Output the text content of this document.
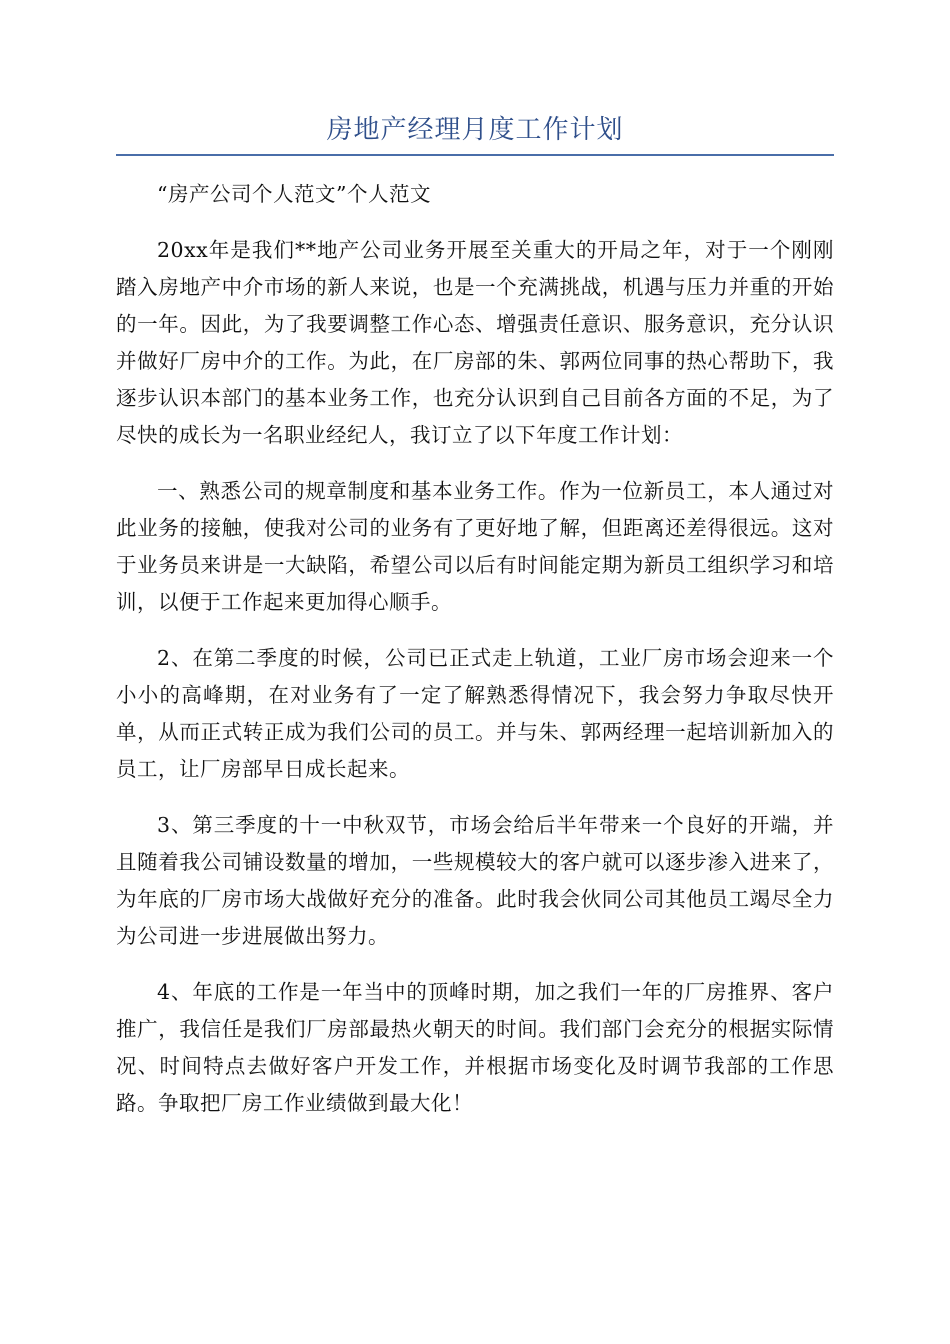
房地产经理月度工作计划

“房产公司个人范文”个人范文

20xx年是我们**地产公司业务开展至关重大的开局之年，对于一个刚刚踏入房地产中介市场的新人来说，也是一个充满挑战，机遇与压力并重的开始的一年。因此，为了我要调整工作心态、增强责任意识、服务意识，充分认识并做好厂房中介的工作。为此，在厂房部的朱、郭两位同事的热心帮助下，我逐步认识本部门的基本业务工作，也充分认识到自己目前各方面的不足，为了尽快的成长为一名职业经纪人，我订立了以下年度工作计划：

一、熟悉公司的规章制度和基本业务工作。作为一位新员工，本人通过对此业务的接触，使我对公司的业务有了更好地了解，但距离还差得很远。这对于业务员来讲是一大缺陷，希望公司以后有时间能定期为新员工组织学习和培训，以便于工作起来更加得心顺手。

2、在第二季度的时候，公司已正式走上轨道，工业厂房市场会迎来一个小小的高峰期，在对业务有了一定了解熟悉得情况下，我会努力争取尽快开单，从而正式转正成为我们公司的员工。并与朱、郭两经理一起培训新加入的员工，让厂房部早日成长起来。

3、第三季度的十一中秋双节，市场会给后半年带来一个良好的开端，并且随着我公司铺设数量的增加，一些规模较大的客户就可以逐步渗入进来了，为年底的厂房市场大战做好充分的准备。此时我会伙同公司其他员工竭尽全力为公司进一步进展做出努力。

4、年底的工作是一年当中的顶峰时期，加之我们一年的厂房推界、客户推广，我信任是我们厂房部最热火朝天的时间。我们部门会充分的根据实际情况、时间特点去做好客户开发工作，并根据市场变化及时调节我部的工作思路。争取把厂房工作业绩做到最大化！
